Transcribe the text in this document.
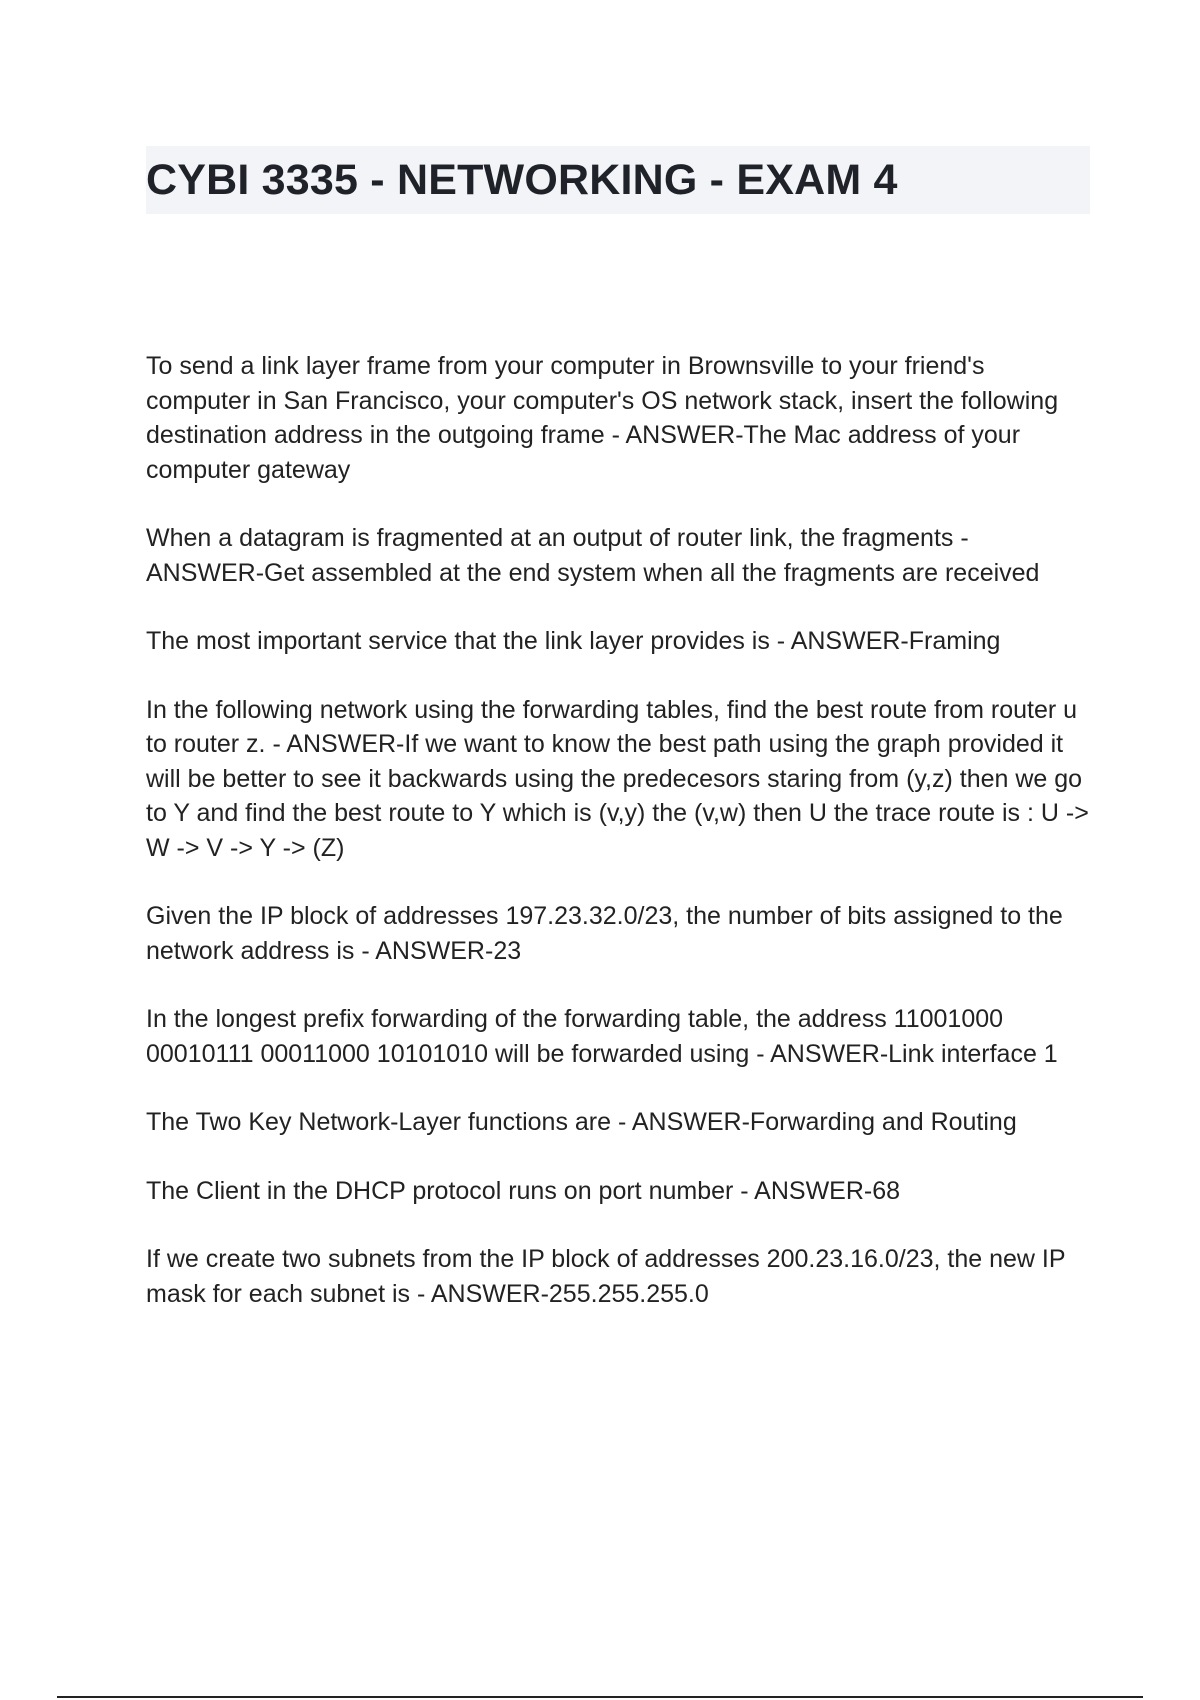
CYBI 3335 - NETWORKING - EXAM 4

To send a link layer frame from your computer in Brownsville to your friend's computer in San Francisco, your computer's OS network stack, insert the following destination address in the outgoing frame - ANSWER-The Mac address of your computer gateway

When a datagram is fragmented at an output of router link, the fragments - ANSWER-Get assembled at the end system when all the fragments are received

The most important service that the link layer provides is - ANSWER-Framing

In the following network using the forwarding tables, find the best route from router u to router z. - ANSWER-If we want to know the best path using the graph provided it will be better to see it backwards using the predecesors staring from (y,z) then we go to Y and find the best route to Y which is (v,y) the (v,w) then U the trace route is : U -> W -> V -> Y -> (Z)

Given the IP block of addresses 197.23.32.0/23, the number of bits assigned to the network address is - ANSWER-23

In the longest prefix forwarding of the forwarding table, the address 11001000 00010111 00011000 10101010 will be forwarded using - ANSWER-Link interface 1

The Two Key Network-Layer functions are - ANSWER-Forwarding and Routing

The Client in the DHCP protocol runs on port number - ANSWER-68

If we create two subnets from the IP block of addresses 200.23.16.0/23, the new IP mask for each subnet is - ANSWER-255.255.255.0
